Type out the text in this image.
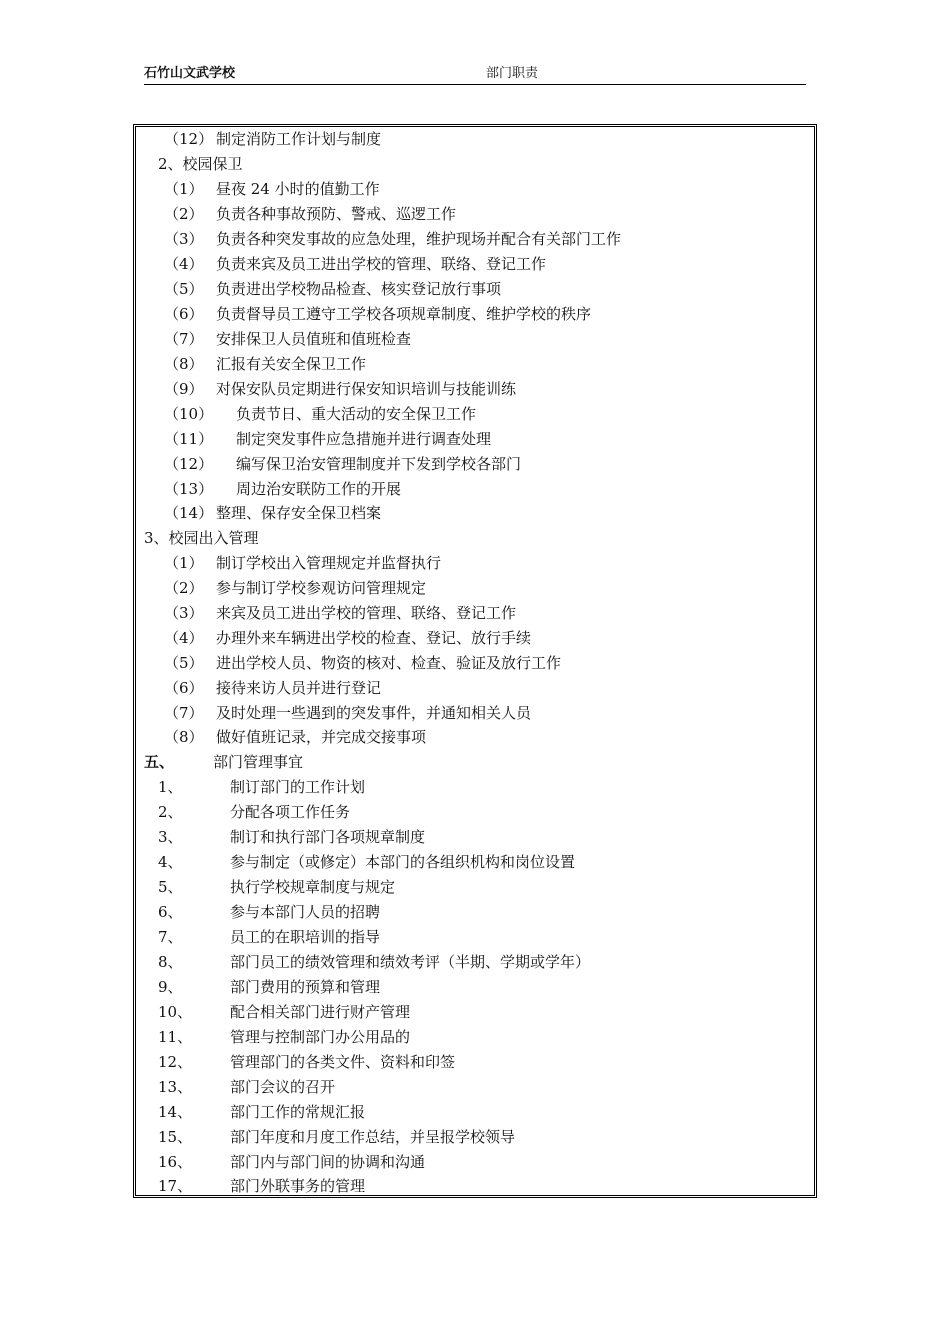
石竹山文武学校	部门职责
（12） 制定消防工作计划与制度
2、校园保卫
（1） 昼夜 24 小时的值勤工作
（2） 负责各种事故预防、警戒、巡逻工作
（3） 负责各种突发事故的应急处理，维护现场并配合有关部门工作
（4） 负责来宾及员工进出学校的管理、联络、登记工作
（5） 负责进出学校物品检查、核实登记放行事项
（6） 负责督导员工遵守工学校各项规章制度、维护学校的秩序
（7） 安排保卫人员值班和值班检查
（8） 汇报有关安全保卫工作
（9） 对保安队员定期进行保安知识培训与技能训练
（10） 负责节日、重大活动的安全保卫工作
（11） 制定突发事件应急措施并进行调查处理
（12） 编写保卫治安管理制度并下发到学校各部门
（13） 周边治安联防工作的开展
（14） 整理、保存安全保卫档案
3、校园出入管理
（1） 制订学校出入管理规定并监督执行
（2） 参与制订学校参观访问管理规定
（3） 来宾及员工进出学校的管理、联络、登记工作
（4） 办理外来车辆进出学校的检查、登记、放行手续
（5） 进出学校人员、物资的核对、检查、验证及放行工作
（6） 接待来访人员并进行登记
（7） 及时处理一些遇到的突发事件，并通知相关人员
（8） 做好值班记录，并完成交接事项
五、	部门管理事宜
1、	制订部门的工作计划
2、	分配各项工作任务
3、	制订和执行部门各项规章制度
4、	参与制定（或修定）本部门的各组织机构和岗位设置
5、	执行学校规章制度与规定
6、	参与本部门人员的招聘
7、	员工的在职培训的指导
8、	部门员工的绩效管理和绩效考评（半期、学期或学年）
9、	部门费用的预算和管理
10、	配合相关部门进行财产管理
11、	管理与控制部门办公用品的
12、	管理部门的各类文件、资料和印签
13、	部门会议的召开
14、	部门工作的常规汇报
15、	部门年度和月度工作总结，并呈报学校领导
16、	部门内与部门间的协调和沟通
17、	部门外联事务的管理
